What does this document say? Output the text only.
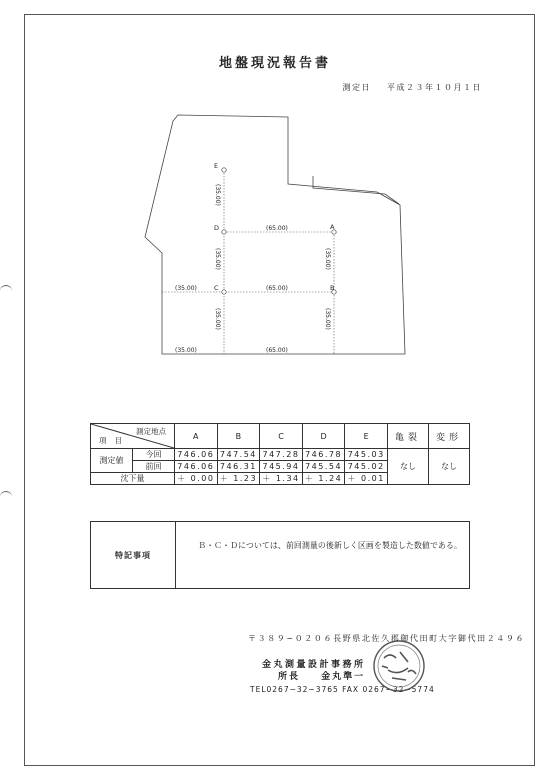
地盤現況報告書
測定日 平成２３年１０月１日
E
D	A
C	B
(65.00)
(35.00)	(65.00)
(35.00)	(65.00)
(35.00)
(35.00)	(35.00)
(35.00)	(35.00)
測定地点
項目		A	B	C	D	E	亀裂	変形
測定値	今回	746.06	747.54	747.28	746.78	745.03	なし	なし
	前回	746.06	746.31	745.94	745.54	745.02		
沈下量		＋ 0.00	＋ 1.23	＋ 1.34	＋ 1.24	＋ 0.01		
特記事項	Ｂ・Ｃ・Ｄについては、前回測量の後新しく区画を製造した数値である。
〒３８９−０２０６長野県北佐久郡御代田町大字御代田２４９６
金丸測量設計事務所
所長 金丸準一
TEL0267−32−3765 FAX 0267−32−5774
